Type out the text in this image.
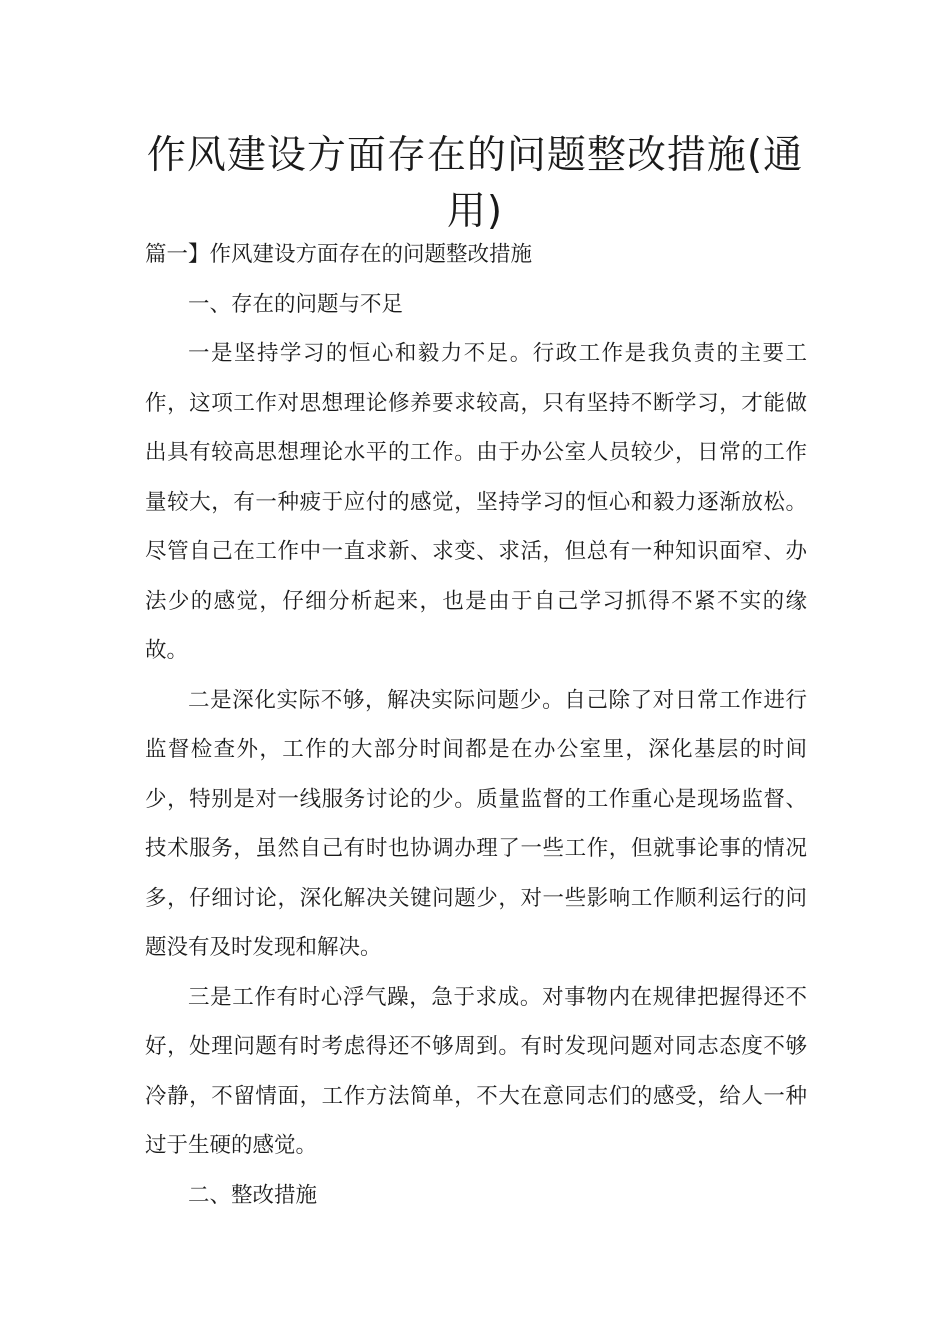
作风建设方面存在的问题整改措施(通用)

篇一】作风建设方面存在的问题整改措施

一、存在的问题与不足

一是坚持学习的恒心和毅力不足。行政工作是我负责的主要工作，这项工作对思想理论修养要求较高，只有坚持不断学习，才能做出具有较高思想理论水平的工作。由于办公室人员较少，日常的工作量较大，有一种疲于应付的感觉，坚持学习的恒心和毅力逐渐放松。尽管自己在工作中一直求新、求变、求活，但总有一种知识面窄、办法少的感觉，仔细分析起来，也是由于自己学习抓得不紧不实的缘故。

二是深化实际不够，解决实际问题少。自己除了对日常工作进行监督检查外，工作的大部分时间都是在办公室里，深化基层的时间少，特别是对一线服务讨论的少。质量监督的工作重心是现场监督、技术服务，虽然自己有时也协调办理了一些工作，但就事论事的情况多，仔细讨论，深化解决关键问题少，对一些影响工作顺利运行的问题没有及时发现和解决。

三是工作有时心浮气躁，急于求成。对事物内在规律把握得还不好，处理问题有时考虑得还不够周到。有时发现问题对同志态度不够冷静，不留情面，工作方法简单，不大在意同志们的感受，给人一种过于生硬的感觉。

二、整改措施
